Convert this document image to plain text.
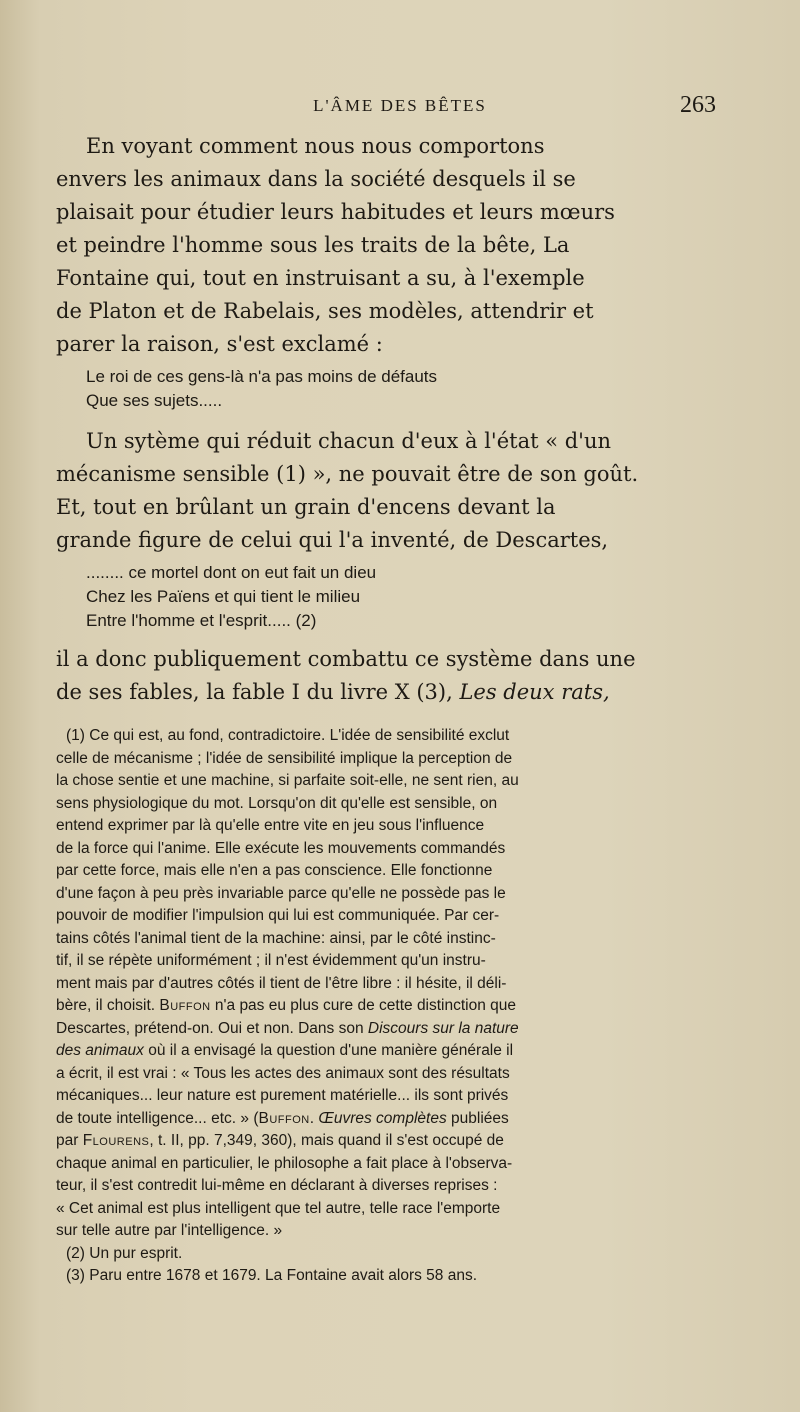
L'ÂME DES BÊTES	263

En voyant comment nous nous comportons
envers les animaux dans la société desquels il se
plaisait pour étudier leurs habitudes et leurs mœurs
et peindre l'homme sous les traits de la bête, La
Fontaine qui, tout en instruisant a su, à l'exemple
de Platon et de Rabelais, ses modèles, attendrir et
parer la raison, s'est exclamé :

Le roi de ces gens-là n'a pas moins de défauts
Que ses sujets.....

Un sytème qui réduit chacun d'eux à l'état « d'un
mécanisme sensible (1) », ne pouvait être de son goût.
Et, tout en brûlant un grain d'encens devant la
grande figure de celui qui l'a inventé, de Descartes,

........ ce mortel dont on eut fait un dieu
Chez les Païens et qui tient le milieu
Entre l'homme et l'esprit..... (2)

il a donc publiquement combattu ce système dans une
de ses fables, la fable I du livre X (3), Les deux rats,

(1) Ce qui est, au fond, contradictoire. L'idée de sensibilité exclut
celle de mécanisme ; l'idée de sensibilité implique la perception de
la chose sentie et une machine, si parfaite soit-elle, ne sent rien, au
sens physiologique du mot. Lorsqu'on dit qu'elle est sensible, on
entend exprimer par là qu'elle entre vite en jeu sous l'influence
de la force qui l'anime. Elle exécute les mouvements commandés
par cette force, mais elle n'en a pas conscience. Elle fonctionne
d'une façon à peu près invariable parce qu'elle ne possède pas le
pouvoir de modifier l'impulsion qui lui est communiquée. Par cer-
tains côtés l'animal tient de la machine: ainsi, par le côté instinc-
tif, il se répète uniformément ; il n'est évidemment qu'un instru-
ment mais par d'autres côtés il tient de l'être libre : il hésite, il déli-
bère, il choisit. Buffon n'a pas eu plus cure de cette distinction que
Descartes, prétend-on. Oui et non. Dans son Discours sur la nature
des animaux où il a envisagé la question d'une manière générale il
a écrit, il est vrai : « Tous les actes des animaux sont des résultats
mécaniques... leur nature est purement matérielle... ils sont privés
de toute intelligence... etc. » (Buffon. Œuvres complètes publiées
par Flourens, t. II, pp. 7,349, 360), mais quand il s'est occupé de
chaque animal en particulier, le philosophe a fait place à l'observa-
teur, il s'est contredit lui-même en déclarant à diverses reprises :
« Cet animal est plus intelligent que tel autre, telle race l'emporte
sur telle autre par l'intelligence. »
(2) Un pur esprit.
(3) Paru entre 1678 et 1679. La Fontaine avait alors 58 ans.
